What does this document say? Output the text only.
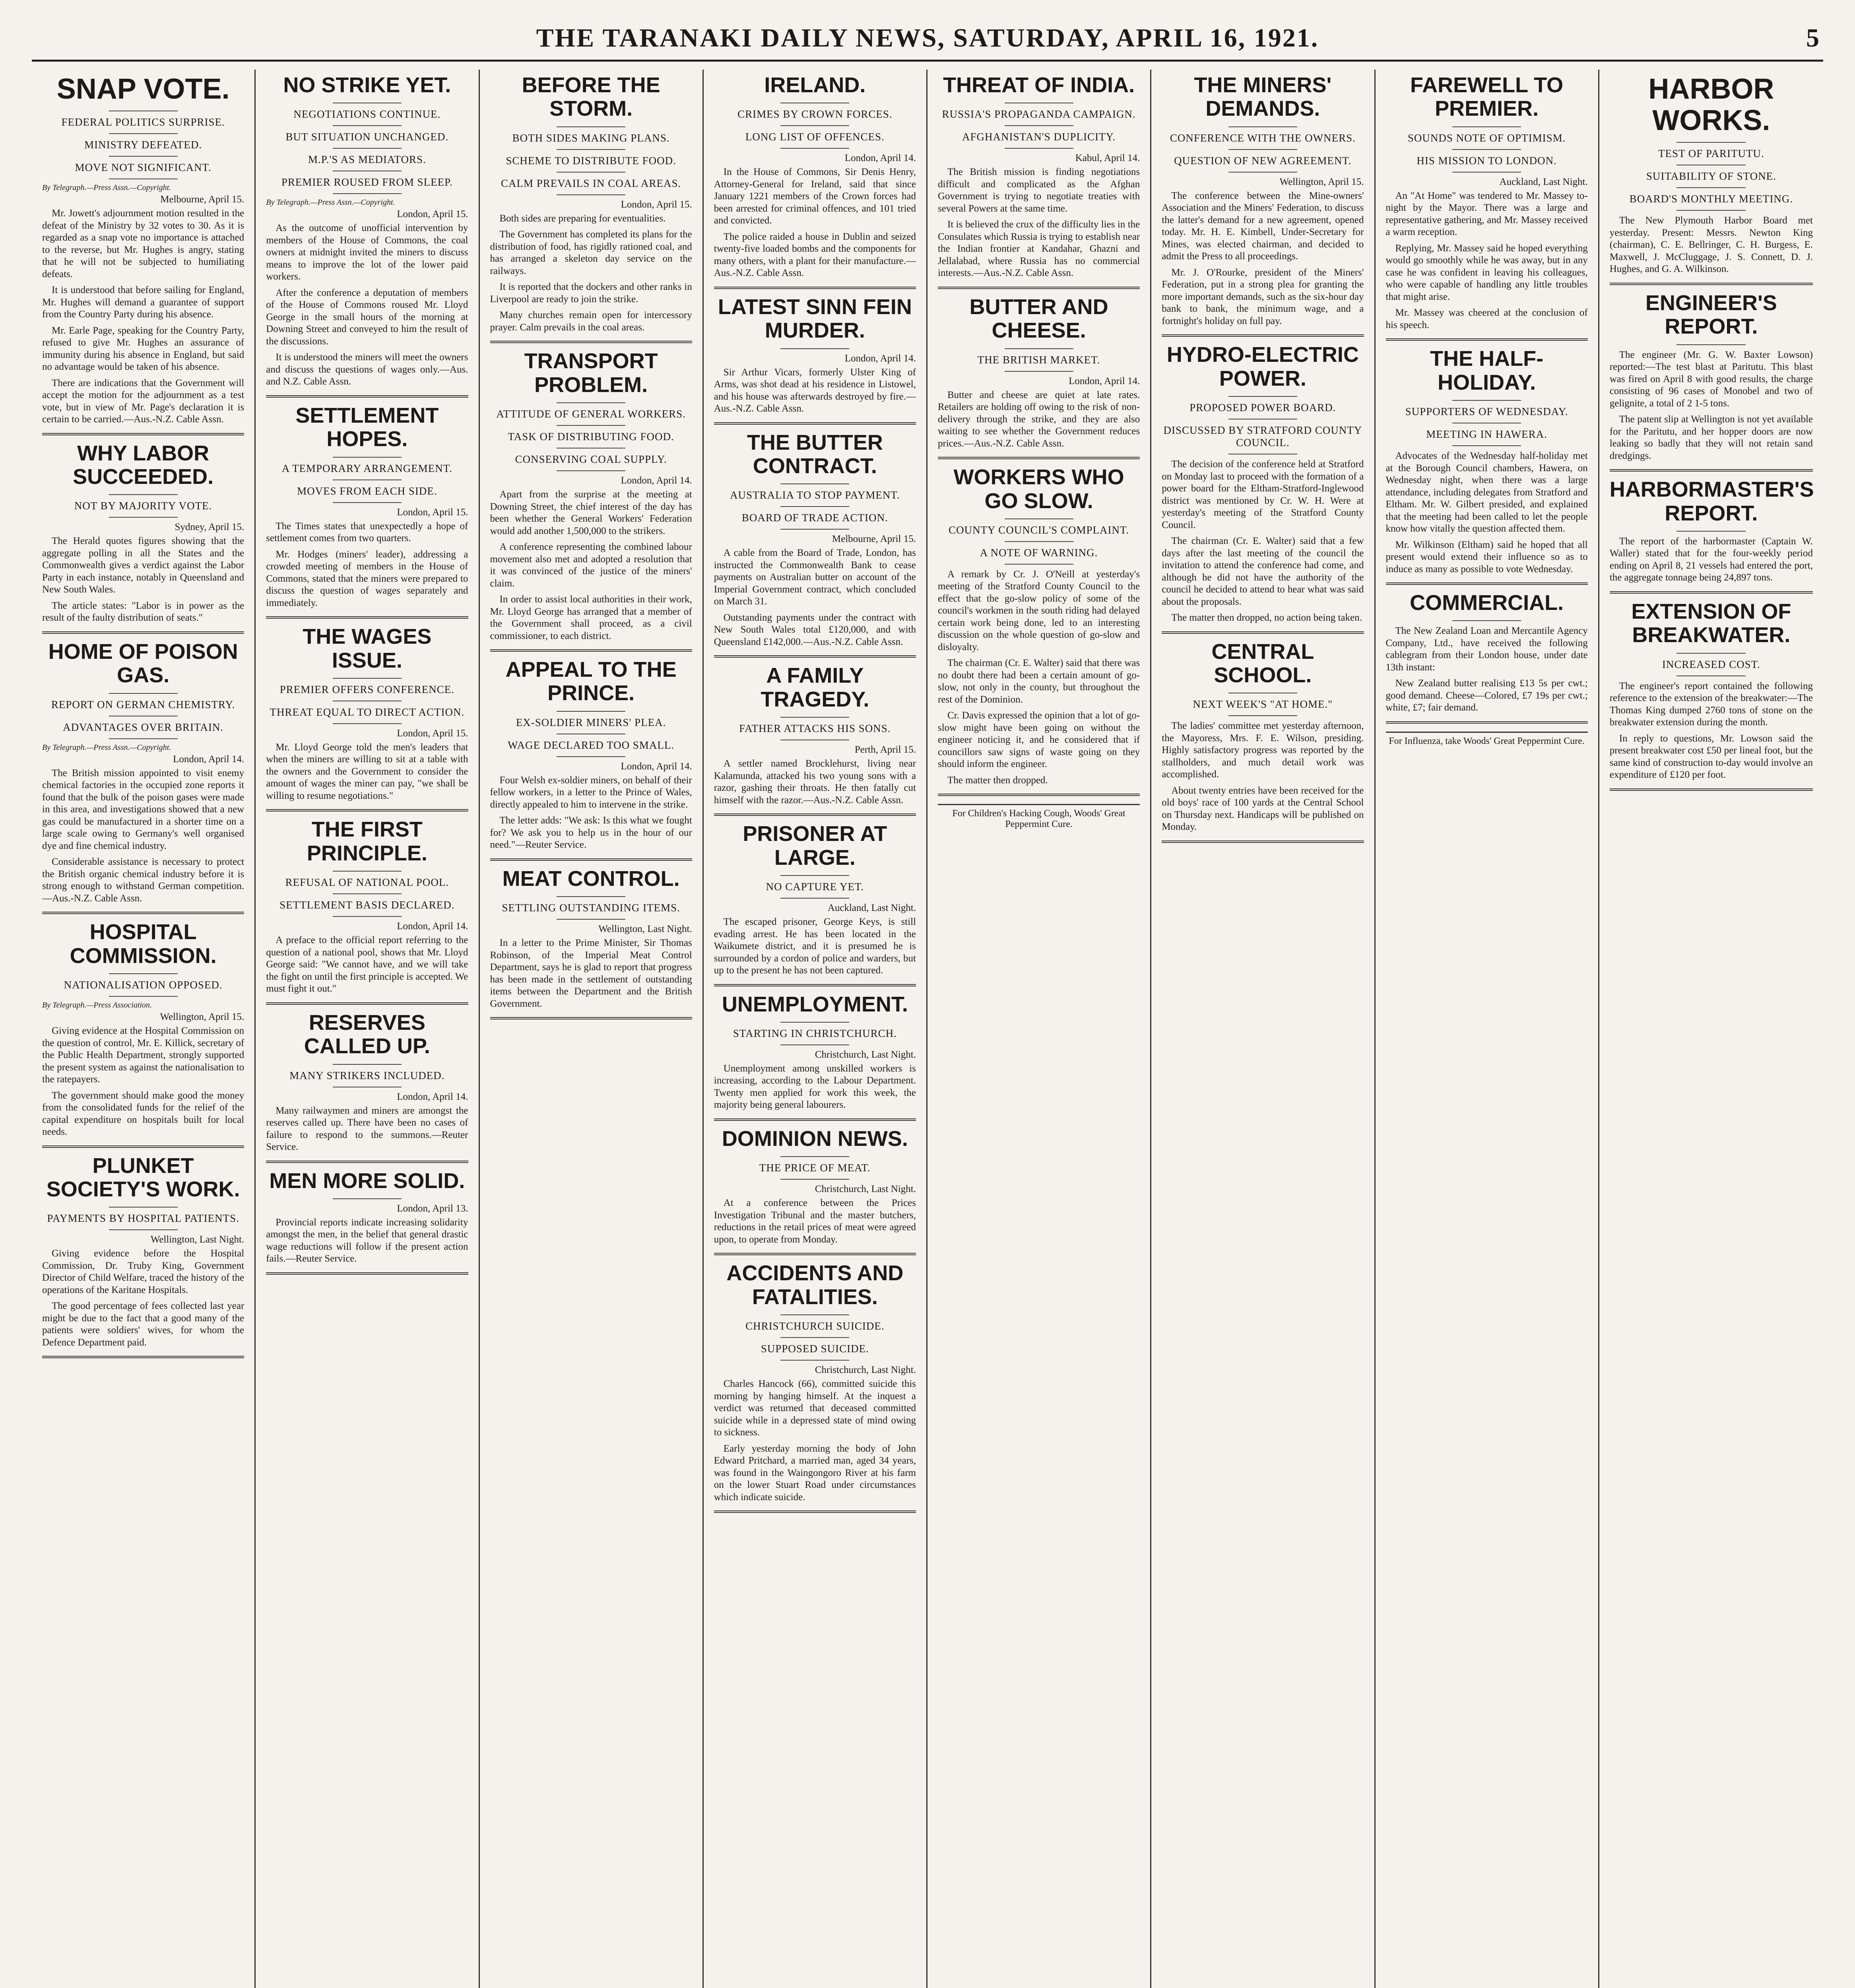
THE TARANAKI DAILY NEWS, SATURDAY, APRIL 16, 1921.	5
SNAP VOTE.
FEDERAL POLITICS SURPRISE.
MINISTRY DEFEATED.
MOVE NOT SIGNIFICANT.
By Telegraph.—Press Assn.—Copyright.
Melbourne, April 15.

Mr. Jowett's adjournment motion resulted in the defeat of the Ministry by 32 votes to 30. As it is regarded as a snap vote no importance is attached to the reverse, but Mr. Hughes is angry, stating that he will not be subjected to humiliating defeats.

It is understood that before sailing for England, Mr. Hughes will demand a guarantee of support from the Country Party during his absence.

Mr. Earle Page, speaking for the Country Party, refused to give Mr. Hughes an assurance of immunity during his absence in England, but said no advantage would be taken of his absence.

There are indications that the Government will accept the motion for the adjournment as a test vote, but in view of Mr. Page's declaration it is certain to be carried.—Aus.-N.Z. Cable Assn.

WHY LABOR SUCCEEDED.
NOT BY MAJORITY VOTE.
Sydney, April 15.

The Herald quotes figures showing that the aggregate polling in all the States and the Commonwealth gives a verdict against the Labor Party in each instance, notably in Queensland and New South Wales.

The article states: "Labor is in power as the result of the faulty distribution of seats."

HOME OF POISON GAS.
REPORT ON GERMAN CHEMISTRY.
ADVANTAGES OVER BRITAIN.
By Telegraph.—Press Assn.—Copyright.
London, April 14.

The British mission appointed to visit enemy chemical factories in the occupied zone reports it found that the bulk of the poison gases were made in this area, and investigations showed that a new gas could be manufactured in a shorter time on a large scale owing to Germany's well organised dye and fine chemical industry.

Considerable assistance is necessary to protect the British organic chemical industry before it is strong enough to withstand German competition.—Aus.-N.Z. Cable Assn.

HOSPITAL COMMISSION.
NATIONALISATION OPPOSED.
By Telegraph.—Press Association.
Wellington, April 15.

Giving evidence at the Hospital Commission on the question of control, Mr. E. Killick, secretary of the Public Health Department, strongly supported the present system as against the nationalisation to the ratepayers.

The government should make good the money from the consolidated funds for the relief of the capital expenditure on hospitals built for local needs.

PLUNKET SOCIETY'S WORK.
PAYMENTS BY HOSPITAL PATIENTS.
Wellington, Last Night.

Giving evidence before the Hospital Commission, Dr. Truby King, Government Director of Child Welfare, traced the history of the operations of the Karitane Hospitals.

The good percentage of fees collected last year might be due to the fact that a good many of the patients were soldiers' wives, for whom the Defence Department paid.

NO STRIKE YET.
NEGOTIATIONS CONTINUE.
BUT SITUATION UNCHANGED.
M.P.'S AS MEDIATORS.
PREMIER ROUSED FROM SLEEP.
By Telegraph.—Press Assn.—Copyright.
London, April 15.

As the outcome of unofficial intervention by members of the House of Commons, the coal owners at midnight invited the miners to discuss means to improve the lot of the lower paid workers.

After the conference a deputation of members of the House of Commons roused Mr. Lloyd George in the small hours of the morning at Downing Street and conveyed to him the result of the discussions.

It is understood the miners will meet the owners and discuss the questions of wages only.—Aus. and N.Z. Cable Assn.

SETTLEMENT HOPES.
A TEMPORARY ARRANGEMENT.
MOVES FROM EACH SIDE.
London, April 15.

The Times states that unexpectedly a hope of settlement comes from two quarters.

Mr. Hodges (miners' leader), addressing a crowded meeting of members in the House of Commons, stated that the miners were prepared to discuss the question of wages separately and immediately.

THE WAGES ISSUE.
PREMIER OFFERS CONFERENCE.
THREAT EQUAL TO DIRECT ACTION.
London, April 15.

Mr. Lloyd George told the men's leaders that when the miners are willing to sit at a table with the owners and the Government to consider the amount of wages the miner can pay, "we shall be willing to resume negotiations."

THE FIRST PRINCIPLE.
REFUSAL OF NATIONAL POOL.
SETTLEMENT BASIS DECLARED.
London, April 14.

A preface to the official report referring to the question of a national pool, shows that Mr. Lloyd George said: "We cannot have, and we will take the fight on until the first principle is accepted. We must fight it out."

RESERVES CALLED UP.
MANY STRIKERS INCLUDED.
London, April 14.

Many railwaymen and miners are amongst the reserves called up. There have been no cases of failure to respond to the summons.—Reuter Service.

MEN MORE SOLID.
London, April 13.

Provincial reports indicate increasing solidarity amongst the men, in the belief that general drastic wage reductions will follow if the present action fails.—Reuter Service.

BEFORE THE STORM.
BOTH SIDES MAKING PLANS.
SCHEME TO DISTRIBUTE FOOD.
CALM PREVAILS IN COAL AREAS.
London, April 15.

Both sides are preparing for eventualities.

The Government has completed its plans for the distribution of food, has rigidly rationed coal, and has arranged a skeleton day service on the railways.

It is reported that the dockers and other ranks in Liverpool are ready to join the strike.

Many churches remain open for intercessory prayer. Calm prevails in the coal areas.

TRANSPORT PROBLEM.
ATTITUDE OF GENERAL WORKERS.
TASK OF DISTRIBUTING FOOD.
CONSERVING COAL SUPPLY.
London, April 14.

Apart from the surprise at the meeting at Downing Street, the chief interest of the day has been whether the General Workers' Federation would add another 1,500,000 to the strikers.

A conference representing the combined labour movement also met and adopted a resolution that it was convinced of the justice of the miners' claim.

In order to assist local authorities in their work, Mr. Lloyd George has arranged that a member of the Government shall proceed, as a civil commissioner, to each district.

APPEAL TO THE PRINCE.
EX-SOLDIER MINERS' PLEA.
WAGE DECLARED TOO SMALL.
London, April 14.

Four Welsh ex-soldier miners, on behalf of their fellow workers, in a letter to the Prince of Wales, directly appealed to him to intervene in the strike.

The letter adds: "We ask: Is this what we fought for? We ask you to help us in the hour of our need."—Reuter Service.

MEAT CONTROL.
SETTLING OUTSTANDING ITEMS.
Wellington, Last Night.

In a letter to the Prime Minister, Sir Thomas Robinson, of the Imperial Meat Control Department, says he is glad to report that progress has been made in the settlement of outstanding items between the Department and the British Government.

IRELAND.
CRIMES BY CROWN FORCES.
LONG LIST OF OFFENCES.
London, April 14.

In the House of Commons, Sir Denis Henry, Attorney-General for Ireland, said that since January 1221 members of the Crown forces had been arrested for criminal offences, and 101 tried and convicted.

The police raided a house in Dublin and seized twenty-five loaded bombs and the components for many others, with a plant for their manufacture.—Aus.-N.Z. Cable Assn.

LATEST SINN FEIN MURDER.
London, April 14.

Sir Arthur Vicars, formerly Ulster King of Arms, was shot dead at his residence in Listowel, and his house was afterwards destroyed by fire.—Aus.-N.Z. Cable Assn.

THE BUTTER CONTRACT.
AUSTRALIA TO STOP PAYMENT.
BOARD OF TRADE ACTION.
Melbourne, April 15.

A cable from the Board of Trade, London, has instructed the Commonwealth Bank to cease payments on Australian butter on account of the Imperial Government contract, which concluded on March 31.

Outstanding payments under the contract with New South Wales total £120,000, and with Queensland £142,000.—Aus.-N.Z. Cable Assn.

A FAMILY TRAGEDY.
FATHER ATTACKS HIS SONS.
Perth, April 15.

A settler named Brocklehurst, living near Kalamunda, attacked his two young sons with a razor, gashing their throats. He then fatally cut himself with the razor.—Aus.-N.Z. Cable Assn.

PRISONER AT LARGE.
NO CAPTURE YET.
Auckland, Last Night.

The escaped prisoner, George Keys, is still evading arrest. He has been located in the Waikumete district, and it is presumed he is surrounded by a cordon of police and warders, but up to the present he has not been captured.

UNEMPLOYMENT.
STARTING IN CHRISTCHURCH.
Christchurch, Last Night.

Unemployment among unskilled workers is increasing, according to the Labour Department. Twenty men applied for work this week, the majority being general labourers.

DOMINION NEWS.
THE PRICE OF MEAT.
Christchurch, Last Night.

At a conference between the Prices Investigation Tribunal and the master butchers, reductions in the retail prices of meat were agreed upon, to operate from Monday.

ACCIDENTS AND FATALITIES.
CHRISTCHURCH SUICIDE.
SUPPOSED SUICIDE.
Christchurch, Last Night.

Charles Hancock (66), committed suicide this morning by hanging himself. At the inquest a verdict was returned that deceased committed suicide while in a depressed state of mind owing to sickness.

Early yesterday morning the body of John Edward Pritchard, a married man, aged 34 years, was found in the Waingongoro River at his farm on the lower Stuart Road under circumstances which indicate suicide.

THREAT OF INDIA.
RUSSIA'S PROPAGANDA CAMPAIGN.
AFGHANISTAN'S DUPLICITY.
Kabul, April 14.

The British mission is finding negotiations difficult and complicated as the Afghan Government is trying to negotiate treaties with several Powers at the same time.

It is believed the crux of the difficulty lies in the Consulates which Russia is trying to establish near the Indian frontier at Kandahar, Ghazni and Jellalabad, where Russia has no commercial interests.—Aus.-N.Z. Cable Assn.

BUTTER AND CHEESE.
THE BRITISH MARKET.
London, April 14.

Butter and cheese are quiet at late rates. Retailers are holding off owing to the risk of non-delivery through the strike, and they are also waiting to see whether the Government reduces prices.—Aus.-N.Z. Cable Assn.

WORKERS WHO GO SLOW.
COUNTY COUNCIL'S COMPLAINT.
A NOTE OF WARNING.

A remark by Cr. J. O'Neill at yesterday's meeting of the Stratford County Council to the effect that the go-slow policy of some of the council's workmen in the south riding had delayed certain work being done, led to an interesting discussion on the whole question of go-slow and disloyalty.

The chairman (Cr. E. Walter) said that there was no doubt there had been a certain amount of go-slow, not only in the county, but throughout the rest of the Dominion.

Cr. Davis expressed the opinion that a lot of go-slow might have been going on without the engineer noticing it, and he considered that if councillors saw signs of waste going on they should inform the engineer.

The matter then dropped.

For Children's Hacking Cough, Woods' Great Peppermint Cure.
THE MINERS' DEMANDS.
CONFERENCE WITH THE OWNERS.
QUESTION OF NEW AGREEMENT.
Wellington, April 15.

The conference between the Mine-owners' Association and the Miners' Federation, to discuss the latter's demand for a new agreement, opened today. Mr. H. E. Kimbell, Under-Secretary for Mines, was elected chairman, and decided to admit the Press to all proceedings.

Mr. J. O'Rourke, president of the Miners' Federation, put in a strong plea for granting the more important demands, such as the six-hour day bank to bank, the minimum wage, and a fortnight's holiday on full pay.

HYDRO-ELECTRIC POWER.
PROPOSED POWER BOARD.
DISCUSSED BY STRATFORD COUNTY COUNCIL.

The decision of the conference held at Stratford on Monday last to proceed with the formation of a power board for the Eltham-Stratford-Inglewood district was mentioned by Cr. W. H. Were at yesterday's meeting of the Stratford County Council.

The chairman (Cr. E. Walter) said that a few days after the last meeting of the council the invitation to attend the conference had come, and although he did not have the authority of the council he decided to attend to hear what was said about the proposals.

The matter then dropped, no action being taken.

CENTRAL SCHOOL.
NEXT WEEK'S "AT HOME."

The ladies' committee met yesterday afternoon, the Mayoress, Mrs. F. E. Wilson, presiding. Highly satisfactory progress was reported by the stallholders, and much detail work was accomplished.

About twenty entries have been received for the old boys' race of 100 yards at the Central School on Thursday next. Handicaps will be published on Monday.

FAREWELL TO PREMIER.
SOUNDS NOTE OF OPTIMISM.
HIS MISSION TO LONDON.
Auckland, Last Night.

An "At Home" was tendered to Mr. Massey to-night by the Mayor. There was a large and representative gathering, and Mr. Massey received a warm reception.

Replying, Mr. Massey said he hoped everything would go smoothly while he was away, but in any case he was confident in leaving his colleagues, who were capable of handling any little troubles that might arise.

Mr. Massey was cheered at the conclusion of his speech.

THE HALF-HOLIDAY.
SUPPORTERS OF WEDNESDAY.
MEETING IN HAWERA.

Advocates of the Wednesday half-holiday met at the Borough Council chambers, Hawera, on Wednesday night, when there was a large attendance, including delegates from Stratford and Eltham. Mr. W. Gilbert presided, and explained that the meeting had been called to let the people know how vitally the question affected them.

Mr. Wilkinson (Eltham) said he hoped that all present would extend their influence so as to induce as many as possible to vote Wednesday.

COMMERCIAL.

The New Zealand Loan and Mercantile Agency Company, Ltd., have received the following cablegram from their London house, under date 13th instant:

New Zealand butter realising £13 5s per cwt.; good demand. Cheese—Colored, £7 19s per cwt.; white, £7; fair demand.

For Influenza, take Woods' Great Peppermint Cure.
HARBOR WORKS.
TEST OF PARITUTU.
SUITABILITY OF STONE.
BOARD'S MONTHLY MEETING.

The New Plymouth Harbor Board met yesterday. Present: Messrs. Newton King (chairman), C. E. Bellringer, C. H. Burgess, E. Maxwell, J. McCluggage, J. S. Connett, D. J. Hughes, and G. A. Wilkinson.

ENGINEER'S REPORT.

The engineer (Mr. G. W. Baxter Lowson) reported:—The test blast at Paritutu. This blast was fired on April 8 with good results, the charge consisting of 96 cases of Monobel and two of gelignite, a total of 2 1-5 tons.

The patent slip at Wellington is not yet available for the Paritutu, and her hopper doors are now leaking so badly that they will not retain sand dredgings.

HARBORMASTER'S REPORT.

The report of the harbormaster (Captain W. Waller) stated that for the four-weekly period ending on April 8, 21 vessels had entered the port, the aggregate tonnage being 24,897 tons.

EXTENSION OF BREAKWATER.
INCREASED COST.

The engineer's report contained the following reference to the extension of the breakwater:—The Thomas King dumped 2760 tons of stone on the breakwater extension during the month.

In reply to questions, Mr. Lowson said the present breakwater cost £50 per lineal foot, but the same kind of construction to-day would involve an expenditure of £120 per foot.
